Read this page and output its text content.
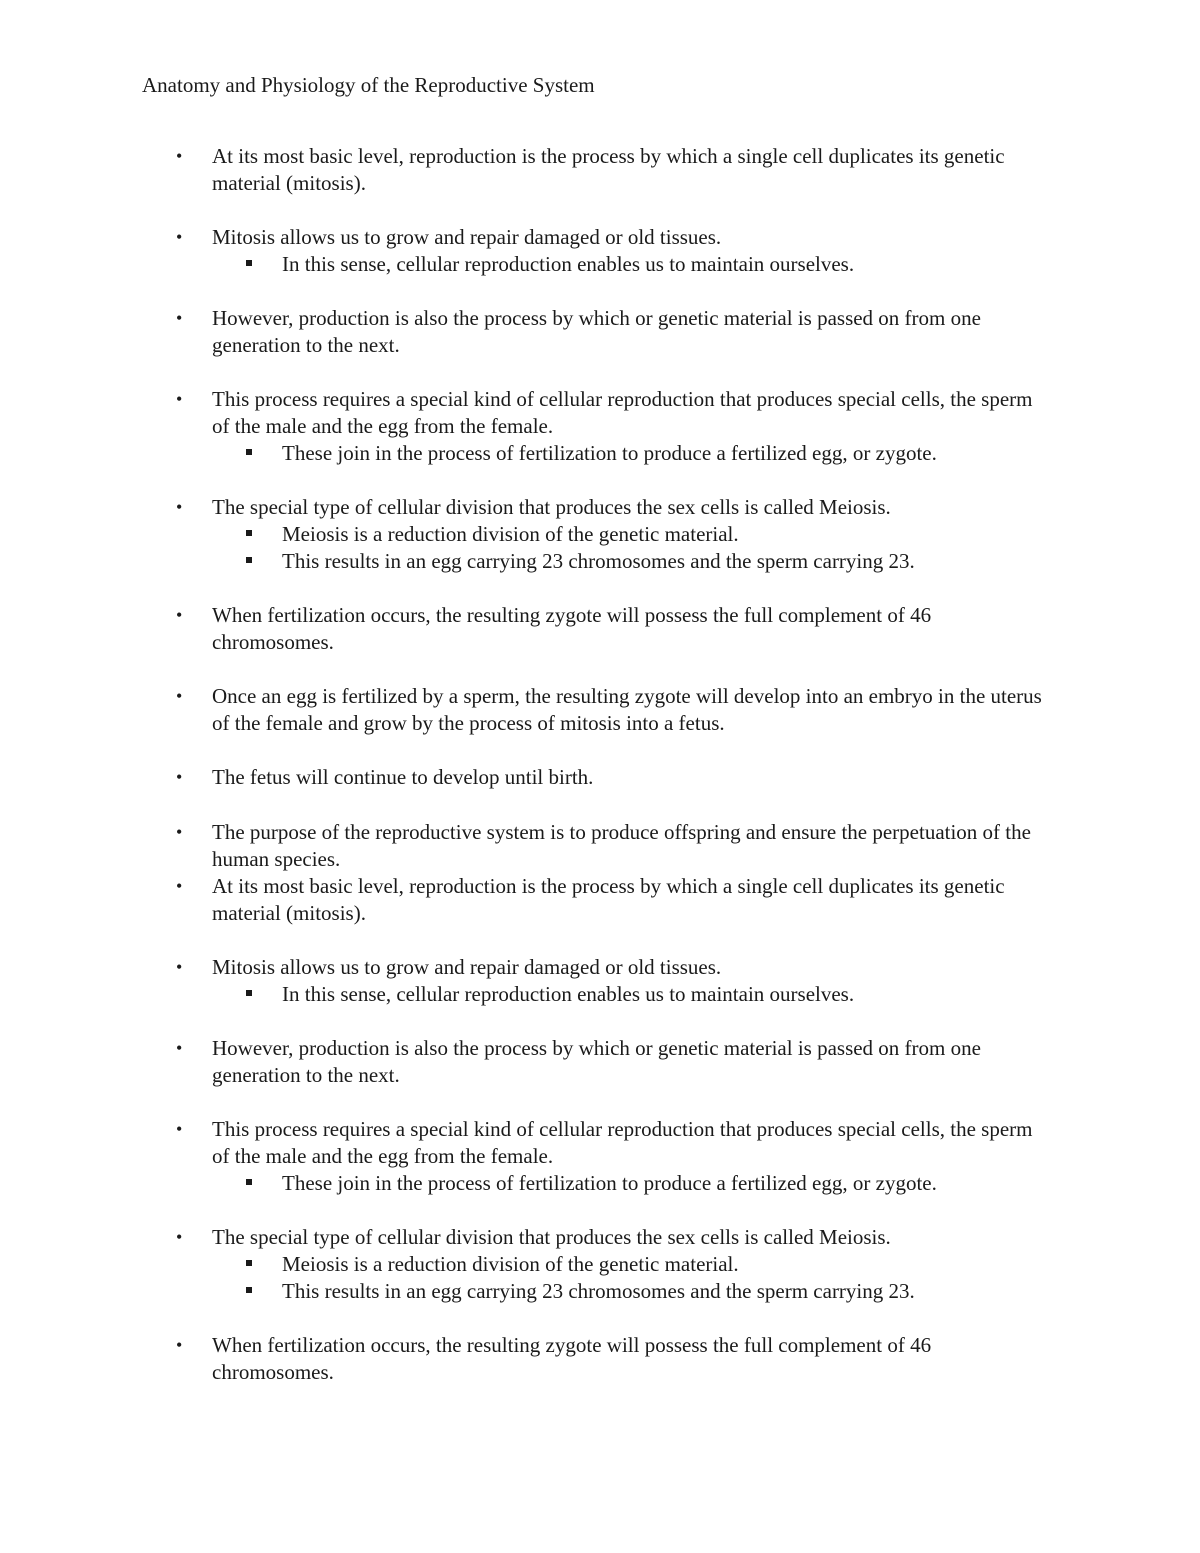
Anatomy and Physiology of the Reproductive System
• At its most basic level, reproduction is the process by which a single cell duplicates its genetic material (mitosis).
• Mitosis allows us to grow and repair damaged or old tissues.
In this sense, cellular reproduction enables us to maintain ourselves.
• However, production is also the process by which or genetic material is passed on from one generation to the next.
• This process requires a special kind of cellular reproduction that produces special cells, the sperm of the male and the egg from the female.
These join in the process of fertilization to produce a fertilized egg, or zygote.
• The special type of cellular division that produces the sex cells is called Meiosis.
Meiosis is a reduction division of the genetic material.
This results in an egg carrying 23 chromosomes and the sperm carrying 23.
• When fertilization occurs, the resulting zygote will possess the full complement of 46 chromosomes.
• Once an egg is fertilized by a sperm, the resulting zygote will develop into an embryo in the uterus of the female and grow by the process of mitosis into a fetus.
• The fetus will continue to develop until birth.
• The purpose of the reproductive system is to produce offspring and ensure the perpetuation of the human species.
• At its most basic level, reproduction is the process by which a single cell duplicates its genetic material (mitosis).
• Mitosis allows us to grow and repair damaged or old tissues.
In this sense, cellular reproduction enables us to maintain ourselves.
• However, production is also the process by which or genetic material is passed on from one generation to the next.
• This process requires a special kind of cellular reproduction that produces special cells, the sperm of the male and the egg from the female.
These join in the process of fertilization to produce a fertilized egg, or zygote.
• The special type of cellular division that produces the sex cells is called Meiosis.
Meiosis is a reduction division of the genetic material.
This results in an egg carrying 23 chromosomes and the sperm carrying 23.
• When fertilization occurs, the resulting zygote will possess the full complement of 46 chromosomes.
